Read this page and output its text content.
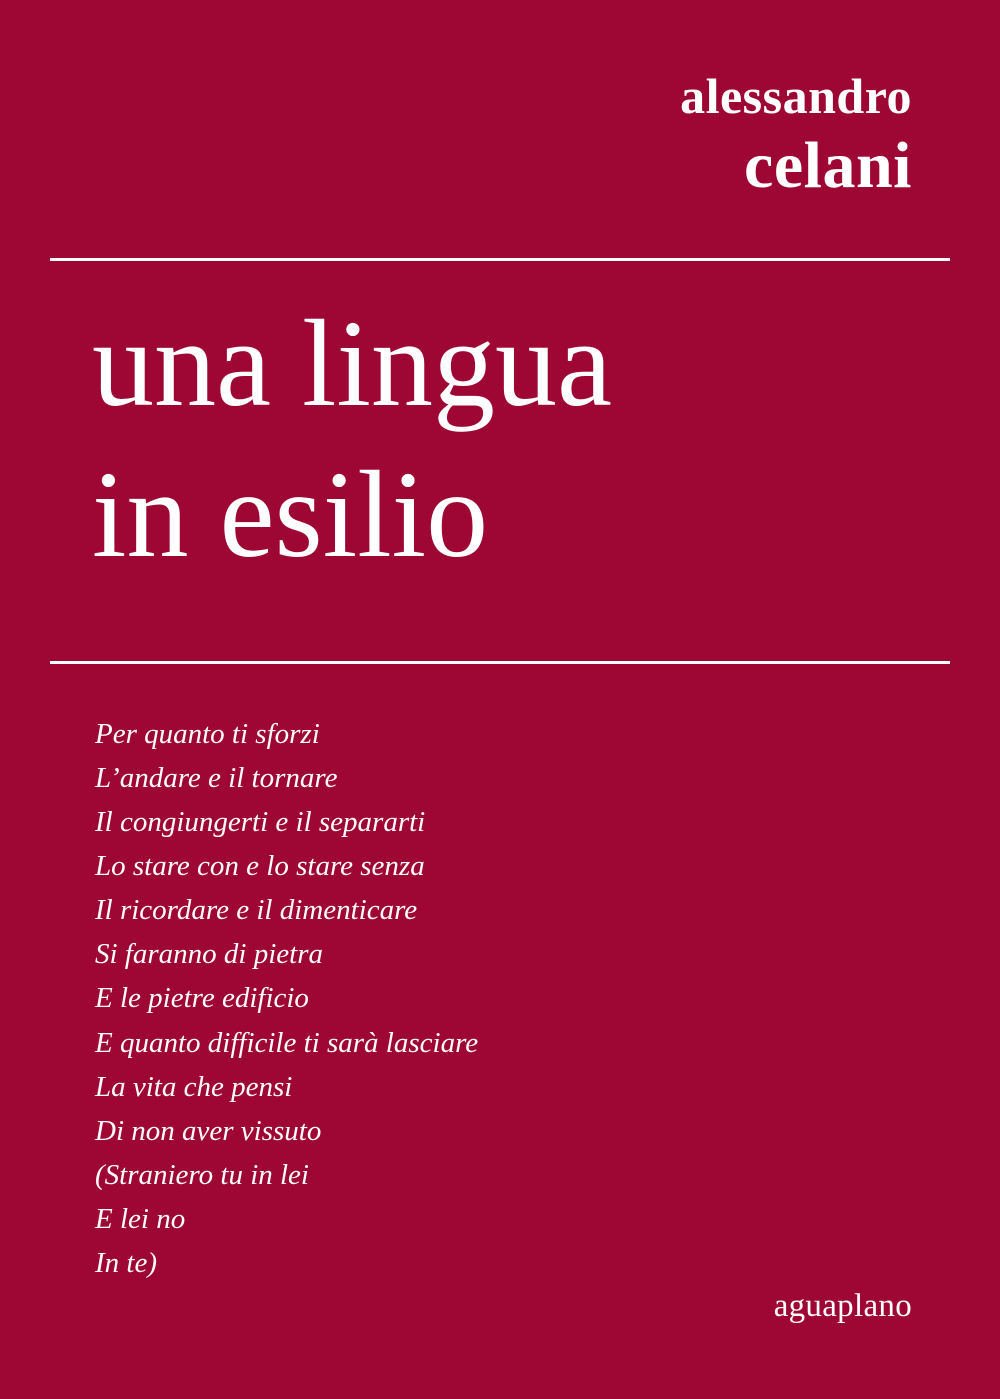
alessandro
celani
una lingua
in esilio
Per quanto ti sforzi
L’andare e il tornare
Il congiungerti e il separarti
Lo stare con e lo stare senza
Il ricordare e il dimenticare
Si faranno di pietra
E le pietre edificio
E quanto difficile ti sarà lasciare
La vita che pensi
Di non aver vissuto
(Straniero tu in lei
E lei no
In te)
aguaplano
